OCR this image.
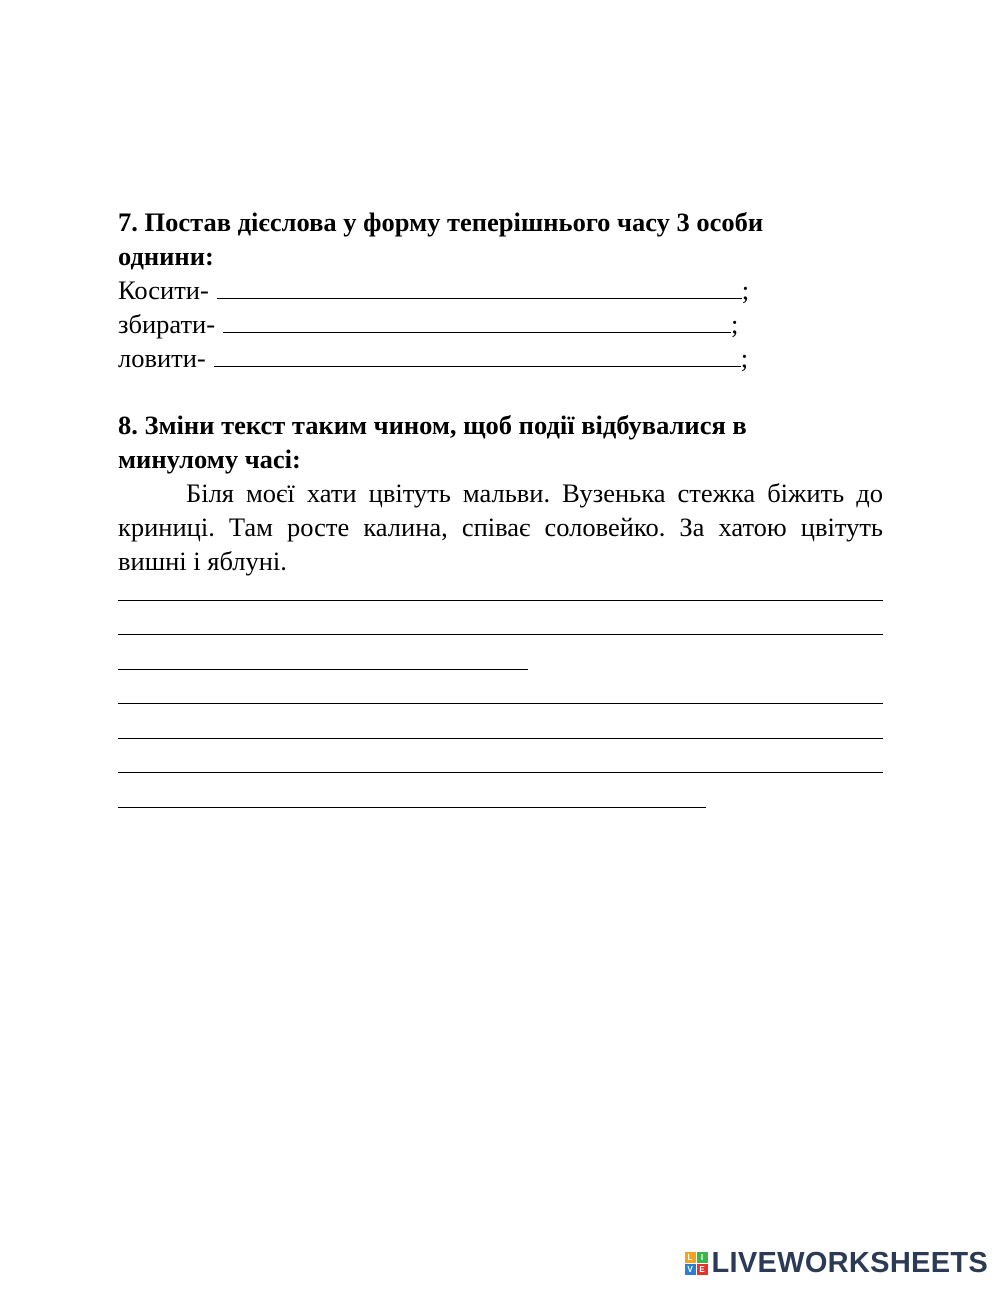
7. Постав дієслова у форму теперішнього часу 3 особи
однини:

Косити-	;
збирати-	;
ловити-	;

8. Зміни текст таким чином, щоб події відбувалися в
минулому часі:

Біля моєї хати цвітуть мальви. Вузенька стежка біжить до криниці. Там росте калина, співає соловейко. За хатою цвітуть вишні і яблуні.

L	I
V E LIVEWORKSHEETS
